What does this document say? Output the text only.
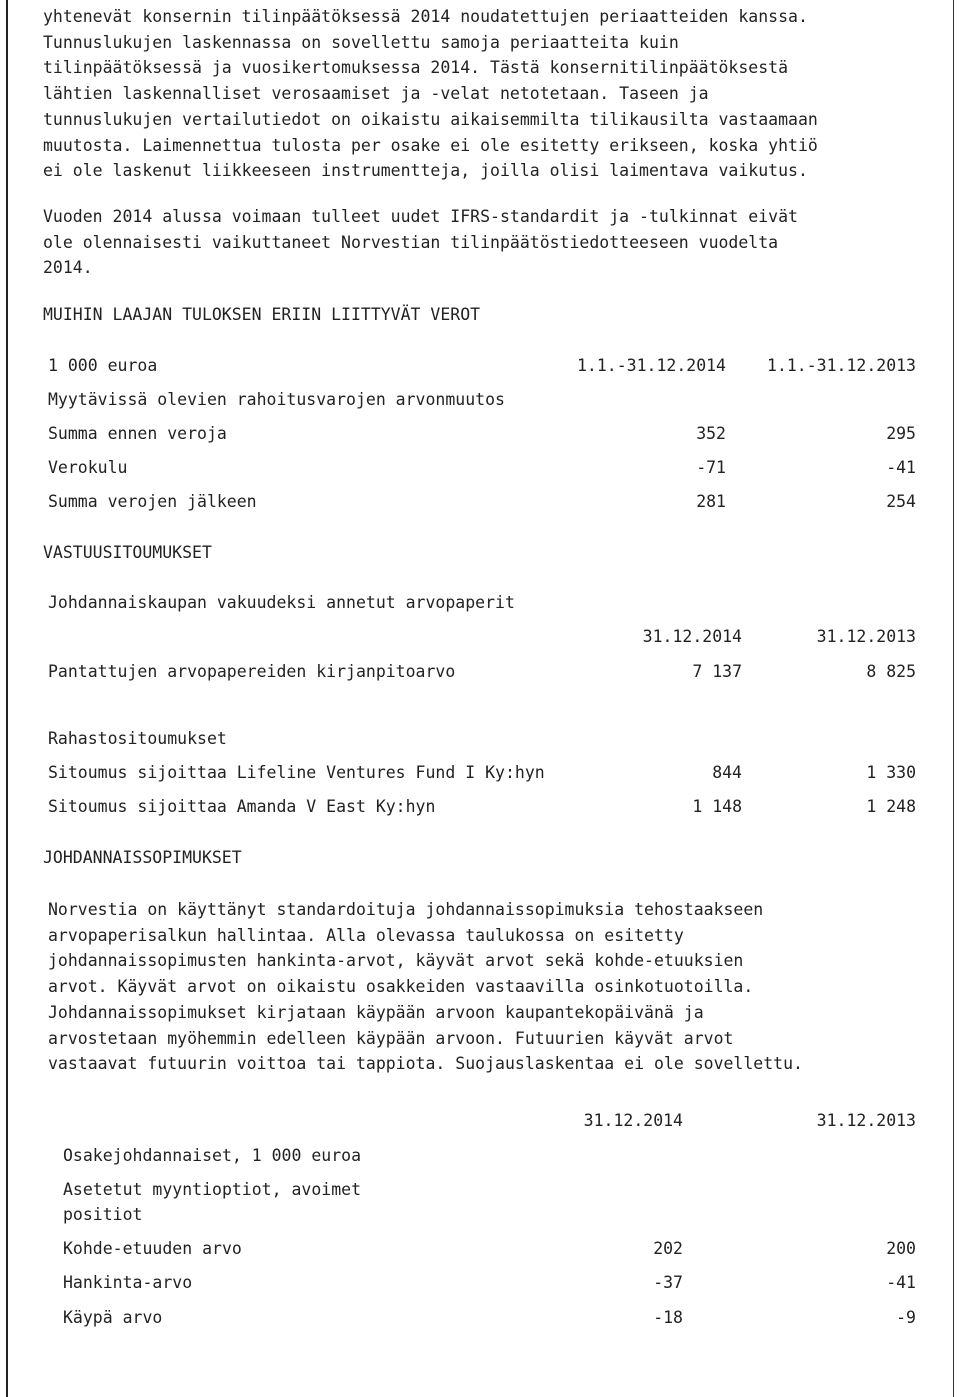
yhtenevät konsernin tilinpäätöksessä 2014 noudatettujen periaatteiden kanssa.
Tunnuslukujen laskennassa on sovellettu samoja periaatteita kuin
tilinpäätöksessä ja vuosikertomuksessa 2014. Tästä konsernitilinpäätöksestä
lähtien laskennalliset verosaamiset ja -velat netotetaan. Taseen ja
tunnuslukujen vertailutiedot on oikaistu aikaisemmilta tilikausilta vastaamaan
muutosta. Laimennettua tulosta per osake ei ole esitetty erikseen, koska yhtiö
ei ole laskenut liikkeeseen instrumentteja, joilla olisi laimentava vaikutus.
Vuoden 2014 alussa voimaan tulleet uudet IFRS-standardit ja -tulkinnat eivät
ole olennaisesti vaikuttaneet Norvestian tilinpäätöstiedotteeseen vuodelta
2014.
MUIHIN LAAJAN TULOKSEN ERIIN LIITTYVÄT VEROT
1 000 euroa	1.1.-31.12.2014	1.1.-31.12.2013
Myytävissä olevien rahoitusvarojen arvonmuutos
Summa ennen veroja	352	295
Verokulu	-71	-41
Summa verojen jälkeen	281	254
VASTUUSITOUMUKSET
Johdannaiskaupan vakuudeksi annetut arvopaperit
31.12.2014	31.12.2013
Pantattujen arvopapereiden kirjanpitoarvo	7 137	8 825
Rahastositoumukset
Sitoumus sijoittaa Lifeline Ventures Fund I Ky:hyn	844	1 330
Sitoumus sijoittaa Amanda V East Ky:hyn	1 148	1 248
JOHDANNAISSOPIMUKSET
Norvestia on käyttänyt standardoituja johdannaissopimuksia tehostaakseen
arvopaperisalkun hallintaa. Alla olevassa taulukossa on esitetty
johdannaissopimusten hankinta-arvot, käyvät arvot sekä kohde-etuuksien
arvot. Käyvät arvot on oikaistu osakkeiden vastaavilla osinkotuotoilla.
Johdannaissopimukset kirjataan käypään arvoon kaupantekopäivänä ja
arvostetaan myöhemmin edelleen käypään arvoon. Futuurien käyvät arvot
vastaavat futuurin voittoa tai tappiota. Suojauslaskentaa ei ole sovellettu.
31.12.2014	31.12.2013
Osakejohdannaiset, 1 000 euroa
Asetetut myyntioptiot, avoimet
positiot
Kohde-etuuden arvo	202	200
Hankinta-arvo	-37	-41
Käypä arvo	-18	-9
